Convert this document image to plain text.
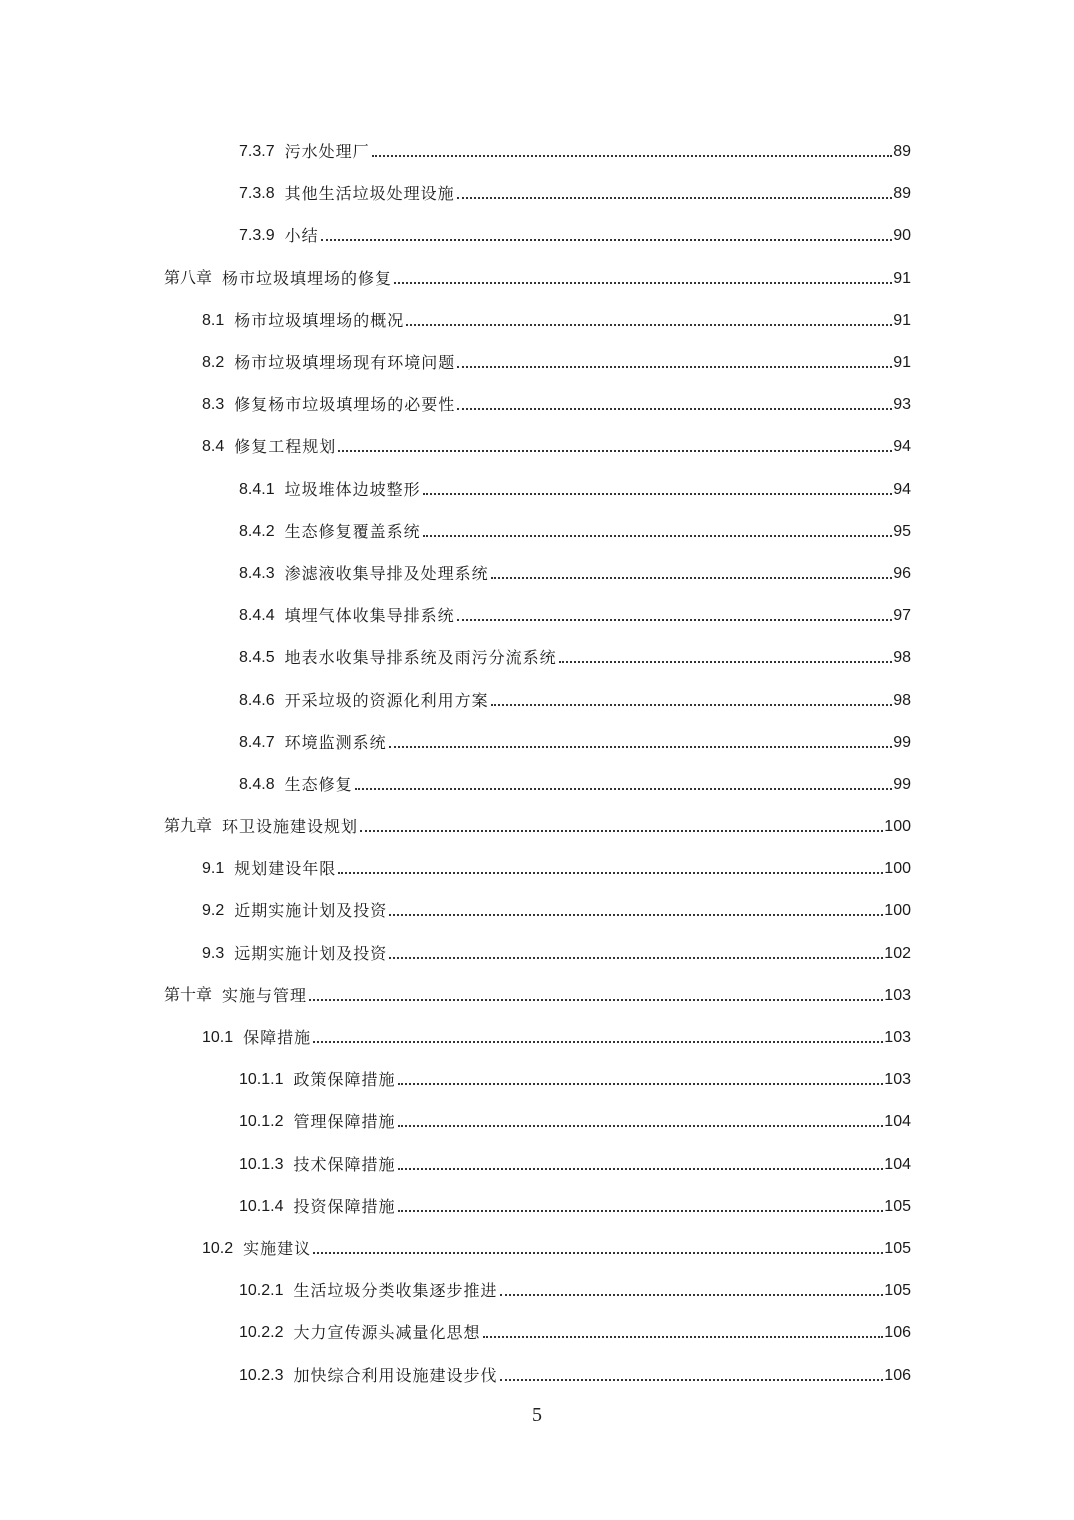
7.3.7 污水处理厂	89
7.3.8 其他生活垃圾处理设施	89
7.3.9 小结	90
第八章 杨市垃圾填埋场的修复	91
8.1 杨市垃圾填埋场的概况	91
8.2 杨市垃圾填埋场现有环境问题	91
8.3 修复杨市垃圾填埋场的必要性	93
8.4 修复工程规划	94
8.4.1 垃圾堆体边坡整形	94
8.4.2 生态修复覆盖系统	95
8.4.3 渗滤液收集导排及处理系统	96
8.4.4 填埋气体收集导排系统	97
8.4.5 地表水收集导排系统及雨污分流系统	98
8.4.6 开采垃圾的资源化利用方案	98
8.4.7 环境监测系统	99
8.4.8 生态修复	99
第九章 环卫设施建设规划	100
9.1 规划建设年限	100
9.2 近期实施计划及投资	100
9.3 远期实施计划及投资	102
第十章 实施与管理	103
10.1 保障措施	103
10.1.1 政策保障措施	103
10.1.2 管理保障措施	104
10.1.3 技术保障措施	104
10.1.4 投资保障措施	105
10.2 实施建议	105
10.2.1 生活垃圾分类收集逐步推进	105
10.2.2 大力宣传源头减量化思想	106
10.2.3 加快综合利用设施建设步伐	106
5
